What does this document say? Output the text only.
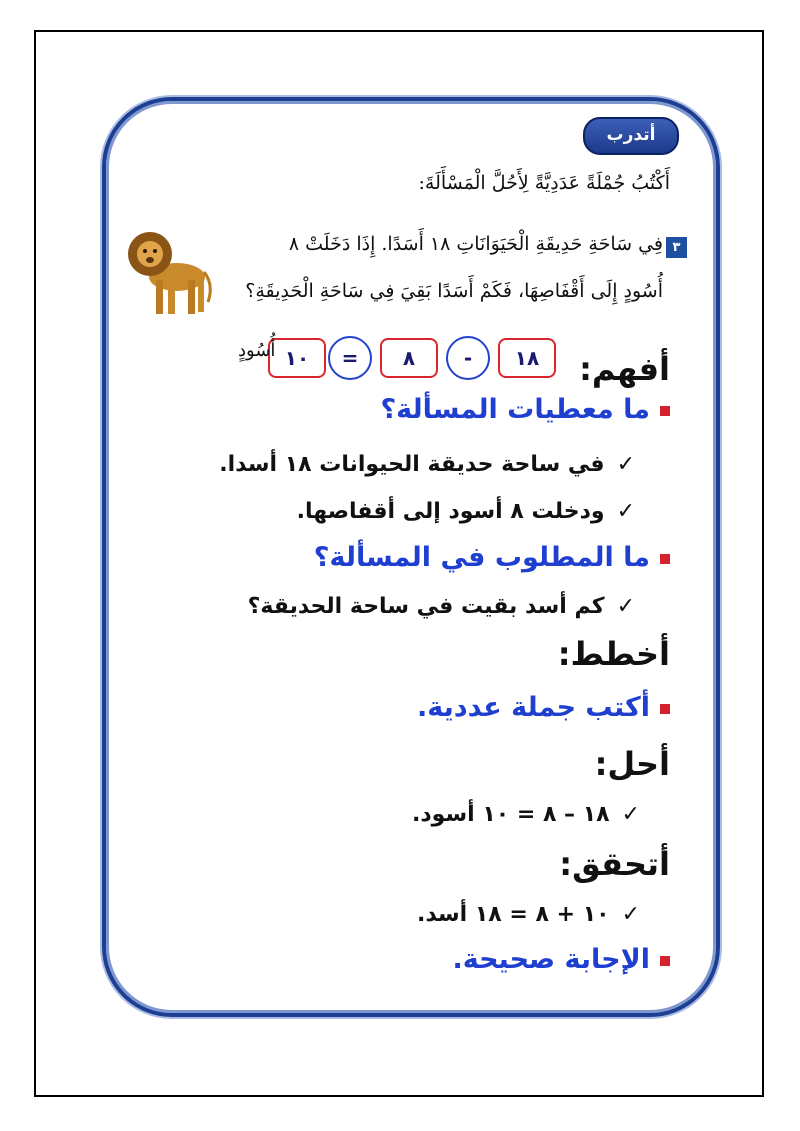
أتدرب
أَكْتُبُ جُمْلَةً عَدَدِيَّةً لِأَحُلَّ الْمَسْأَلَةَ:
٣
فِي سَاحَةِ حَدِيقَةِ الْحَيَوَانَاتِ ١٨ أَسَدًا. إِذَا دَخَلَتْ ٨
أُسُودٍ إِلَى أَقْفَاصِهَا، فَكَمْ أَسَدًا بَقِيَ فِي سَاحَةِ الْحَدِيقَةِ؟
١٨
-
٨
=
١٠
أُسُودٍ	أفهم:
ما معطيات المسألة؟
✓في ساحة حديقة الحيوانات ١٨ أسدا.
✓ودخلت ٨ أسود إلى أقفاصها.
ما المطلوب في المسألة؟
✓كم أسد بقيت في ساحة الحديقة؟
أخطط:
أكتب جملة عددية.
أحل:
✓١٨ – ٨ = ١٠ أسود.
أتحقق:
✓١٠ + ٨ = ١٨ أسد.
الإجابة صحيحة.
